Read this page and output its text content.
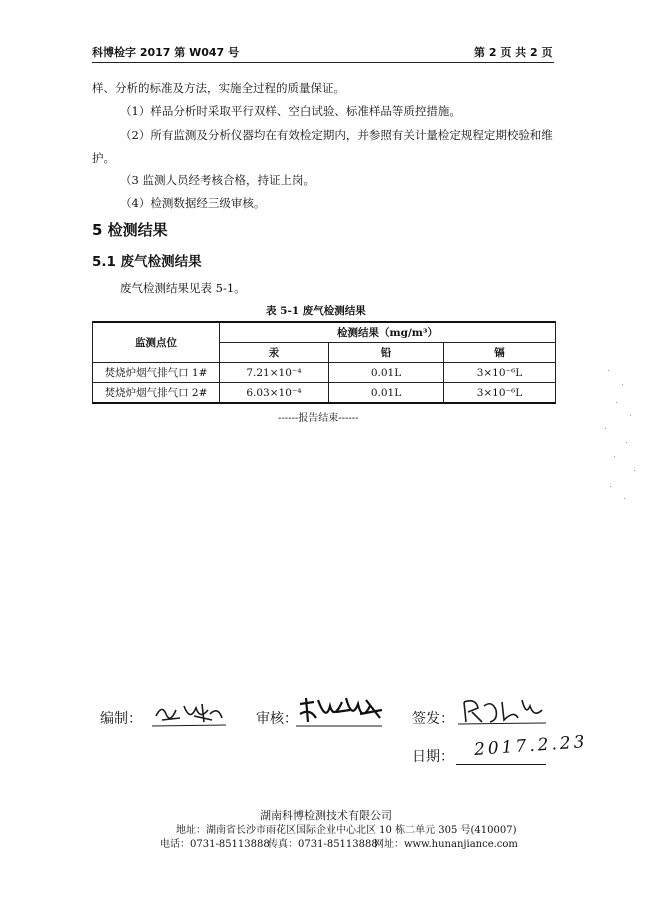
科博检字 2017 第 W047 号	第 2 页 共 2 页
样、分析的标准及方法，实施全过程的质量保证。
（1）样品分析时采取平行双样、空白试验、标准样品等质控措施。
（2）所有监测及分析仪器均在有效检定期内，并参照有关计量检定规程定期校验和维
护。
（3 监测人员经考核合格，持证上岗。
（4）检测数据经三级审核。
5 检测结果
5.1 废气检测结果
废气检测结果见表 5-1。
表 5-1 废气检测结果
监测点位	检测结果（mg/m³）		
	汞	铅	镉
焚烧炉烟气排气口 1#	7.21×10⁻⁴	0.01L	3×10⁻⁶L
焚烧炉烟气排气口 2#	6.03×10⁻⁴	0.01L	3×10⁻⁶L
------报告结束------
编制：	审核：	签发：
日期： 2017.2.23
湖南科博检测技术有限公司
地址：湖南省长沙市雨花区国际企业中心北区 10 栋二单元 305 号(410007)
电话：0731-85113888
传真：0731-85113888
网址：www.hunanjiance.com
